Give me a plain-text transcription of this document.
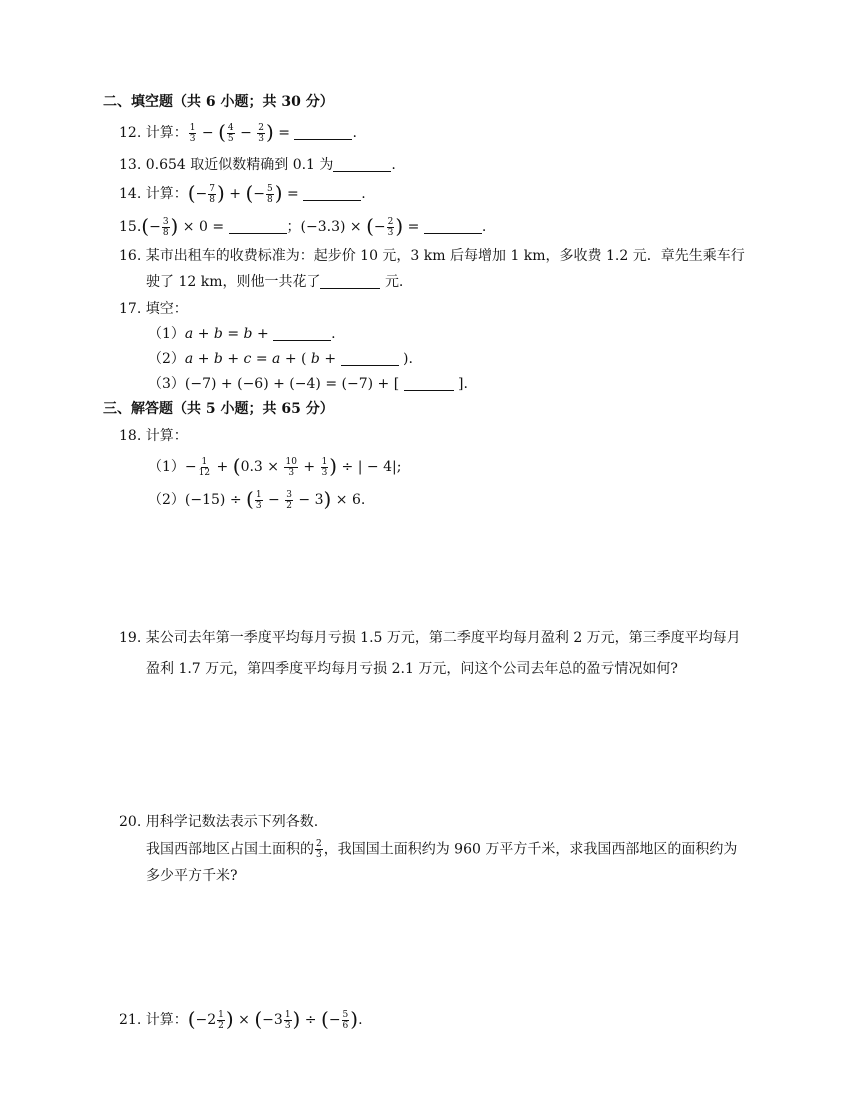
二、填空题（共 6 小题；共 30 分）
12. 计算： $\frac{1}{3}$ − ( $\frac{4}{5} - \frac{2}{3}$ ) =	.
13. 0.654 取近似数精确到 0.1 为	.
14. 计算：(− $\frac{7}{8}$ ) + (− $\frac{5}{8}$ ) =	.
$15.(- \frac{3}{8}$ ) × 0 =	；(−3.3) × (− $\frac{2}{3}$ ) =	.
16. 某市出租车的收费标准为：起步价 10 元，3 km 后每增加 1 km，多收费 1.2 元．章先生乘车行
驶了 12 km，则他一共花了	元.
17. 填空：
（1）a + b = b +	.
（2）a + b + c = a + ( b +	).
（3）(−7) + (−6) + (−4) = (−7) + [	].
三、解答题（共 5 小题；共 65 分）
18. 计算：
$(1)- \frac{1}{12} + (0.3 \times \frac{10}{3} + \frac{1}{3}$ ) ÷ | − 4|;
（2）(−15) ÷ ( $\frac{1}{3} - \frac{3}{2} - 3) \times 6$.
19. 某公司去年第一季度平均每月亏损 1.5 万元，第二季度平均每月盈利 2 万元，第三季度平均每月
盈利 1.7 万元，第四季度平均每月亏损 2.1 万元，问这个公司去年总的盈亏情况如何?
20. 用科学记数法表示下列各数.
我国西部地区占国土面积的 $\frac{2}{3}$ ，我国国土面积约为 960 万平方千米，求我国西部地区的面积约为
多少平方千米?
21. 计算：($-2 \frac{1}{2}$ ) × ($-3 \frac{1}{3}$ ) ÷ (− $\frac{5}{6}$ ).
